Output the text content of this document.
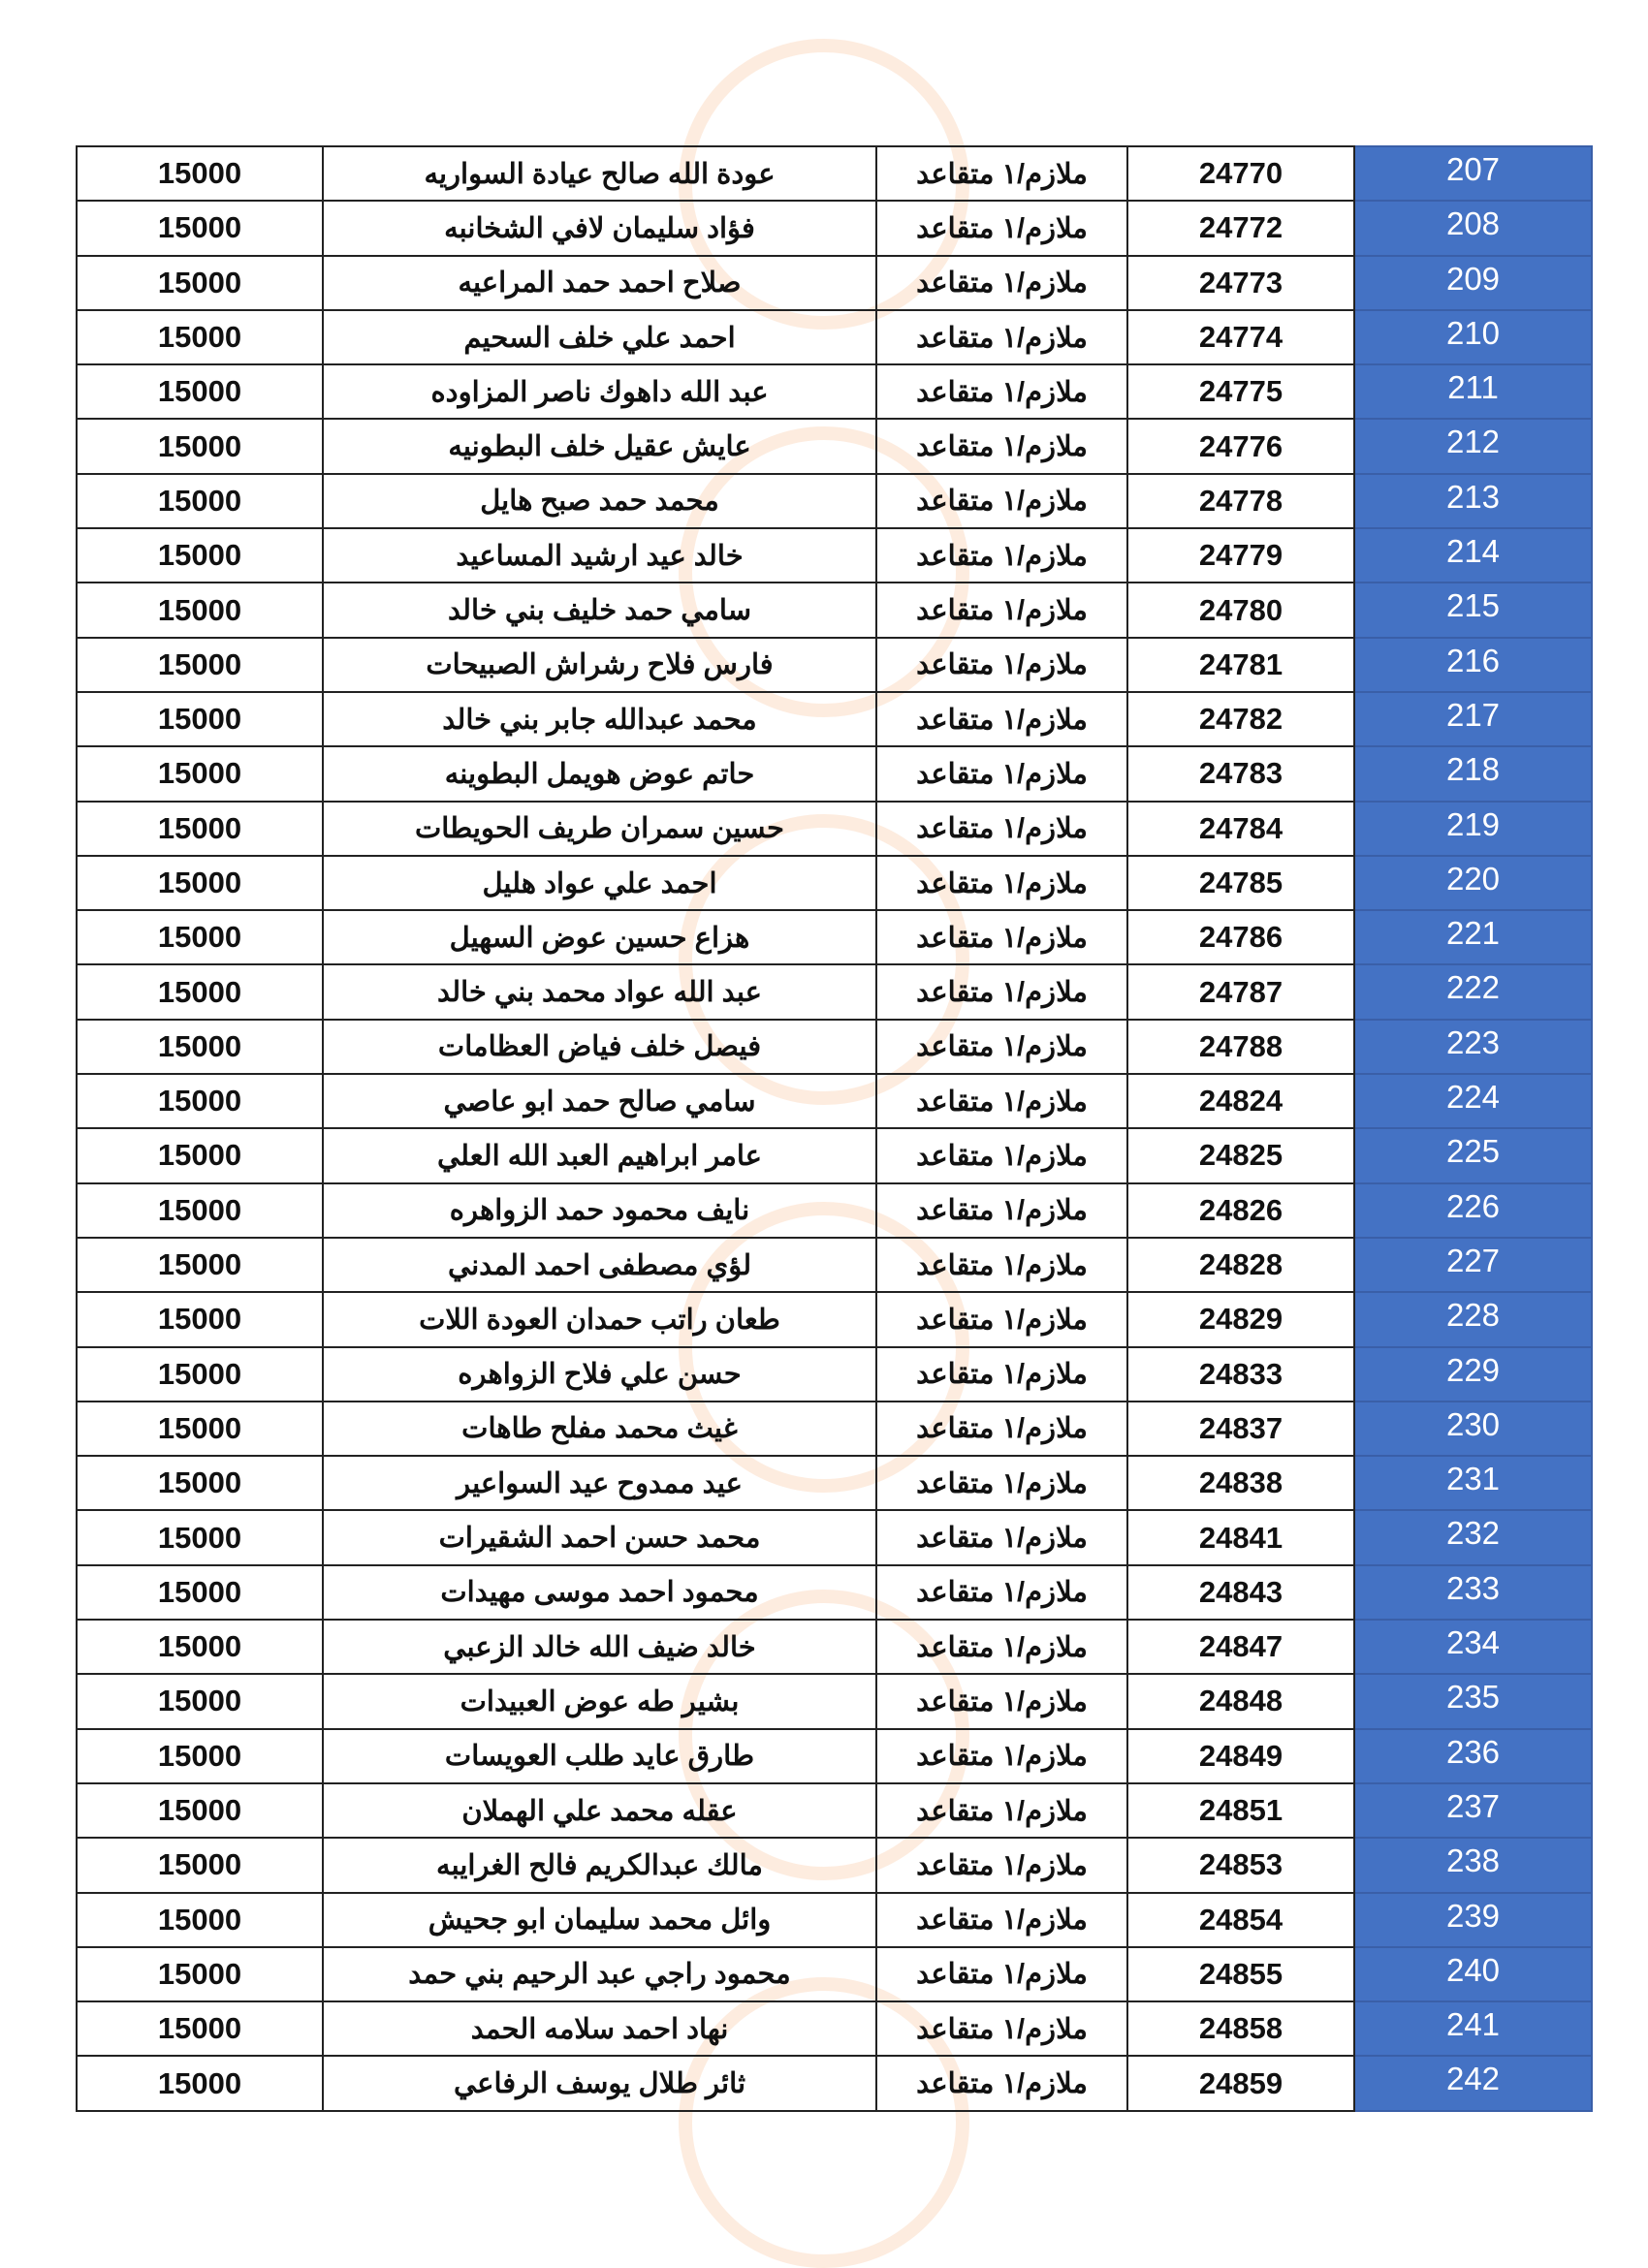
15000	عودة الله صالح عيادة السواريه	ملازم/١ متقاعد	24770	207
15000	فؤاد سليمان لافي الشخانبه	ملازم/١ متقاعد	24772	208
15000	صلاح احمد حمد المراعيه	ملازم/١ متقاعد	24773	209
15000	احمد علي خلف السحيم	ملازم/١ متقاعد	24774	210
15000	عبد الله داهوك ناصر المزاوده	ملازم/١ متقاعد	24775	211
15000	عايش عقيل خلف البطونيه	ملازم/١ متقاعد	24776	212
15000	محمد حمد صبح هايل	ملازم/١ متقاعد	24778	213
15000	خالد عيد ارشيد المساعيد	ملازم/١ متقاعد	24779	214
15000	سامي حمد خليف بني خالد	ملازم/١ متقاعد	24780	215
15000	فارس فلاح رشراش الصبيحات	ملازم/١ متقاعد	24781	216
15000	محمد عبدالله جابر بني خالد	ملازم/١ متقاعد	24782	217
15000	حاتم عوض هويمل البطوينه	ملازم/١ متقاعد	24783	218
15000	حسين سمران طريف الحويطات	ملازم/١ متقاعد	24784	219
15000	احمد علي عواد هليل	ملازم/١ متقاعد	24785	220
15000	هزاع حسين عوض السهيل	ملازم/١ متقاعد	24786	221
15000	عبد الله عواد محمد بني خالد	ملازم/١ متقاعد	24787	222
15000	فيصل خلف فياض العظامات	ملازم/١ متقاعد	24788	223
15000	سامي صالح حمد ابو عاصي	ملازم/١ متقاعد	24824	224
15000	عامر ابراهيم العبد الله العلي	ملازم/١ متقاعد	24825	225
15000	نايف محمود حمد الزواهره	ملازم/١ متقاعد	24826	226
15000	لؤي مصطفى احمد المدني	ملازم/١ متقاعد	24828	227
15000	طعان راتب حمدان العودة اللات	ملازم/١ متقاعد	24829	228
15000	حسن علي فلاح الزواهره	ملازم/١ متقاعد	24833	229
15000	غيث محمد مفلح طاهات	ملازم/١ متقاعد	24837	230
15000	عيد ممدوح عيد السواعير	ملازم/١ متقاعد	24838	231
15000	محمد حسن احمد الشقيرات	ملازم/١ متقاعد	24841	232
15000	محمود احمد موسى مهيدات	ملازم/١ متقاعد	24843	233
15000	خالد ضيف الله خالد الزعبي	ملازم/١ متقاعد	24847	234
15000	بشير طه عوض العبيدات	ملازم/١ متقاعد	24848	235
15000	طارق عايد طلب العويسات	ملازم/١ متقاعد	24849	236
15000	عقله محمد علي الهملان	ملازم/١ متقاعد	24851	237
15000	مالك عبدالكريم فالح الغرايبه	ملازم/١ متقاعد	24853	238
15000	وائل محمد سليمان ابو جحيش	ملازم/١ متقاعد	24854	239
15000	محمود راجي عبد الرحيم بني حمد	ملازم/١ متقاعد	24855	240
15000	نهاد احمد سلامه الحمد	ملازم/١ متقاعد	24858	241
15000	ثائر طلال يوسف الرفاعي	ملازم/١ متقاعد	24859	242
